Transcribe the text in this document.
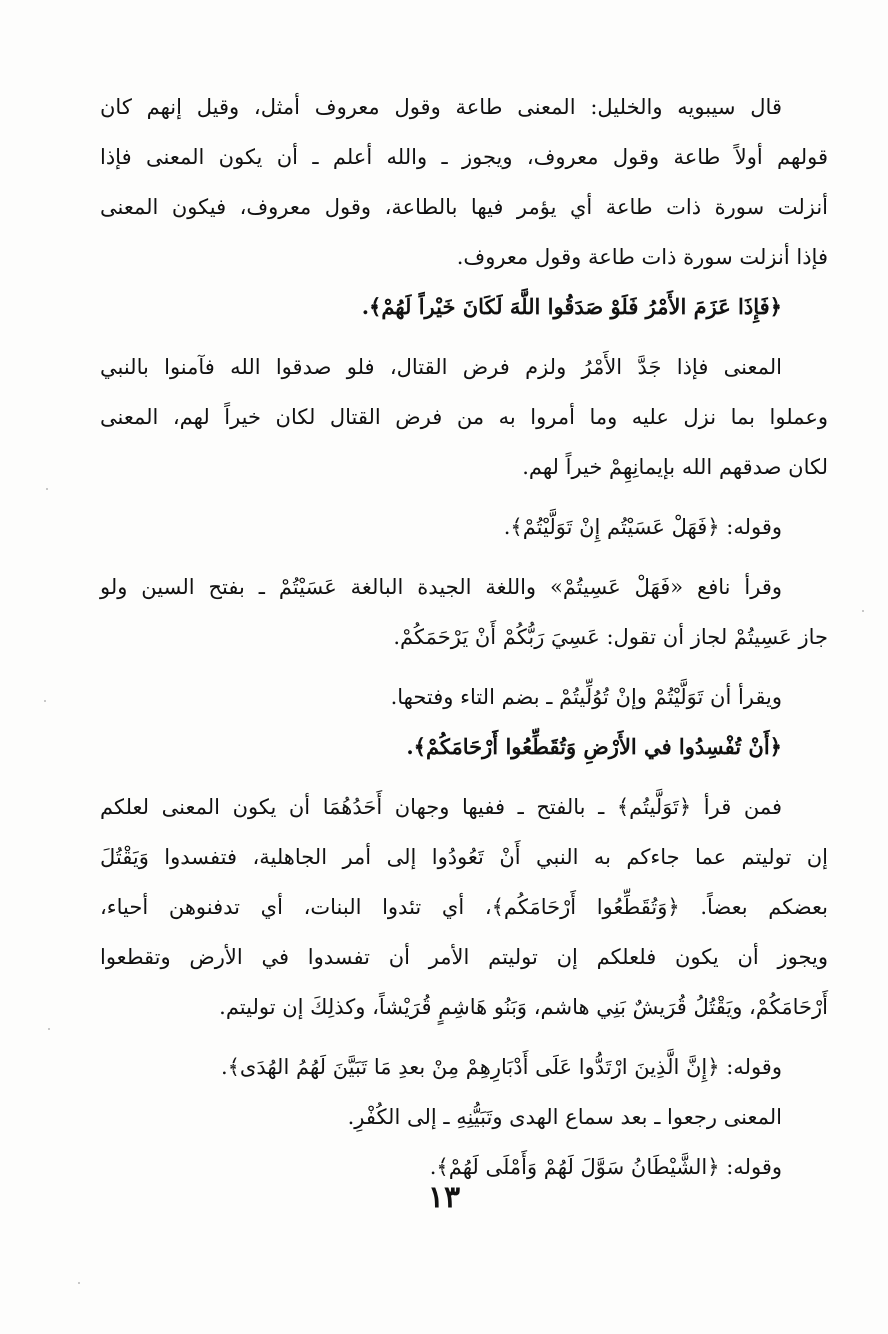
قال سيبويه والخليل: المعنى طاعة وقول معروف أمثل، وقيل إنهم كان
قولهم أولاً طاعة وقول معروف، ويجوز ـ والله أعلم ـ أن يكون المعنى فإذا
أنزلت سورة ذات طاعة أي يؤمر فيها بالطاعة، وقول معروف، فيكون المعنى
فإذا أنزلت سورة ذات طاعة وقول معروف.

﴿فَإِذَا عَزَمَ الأَمْرُ فَلَوْ صَدَقُوا اللَّهَ لَكَانَ خَيْراً لَهُمْ﴾.

المعنى فإذا جَدَّ الأَمْرُ ولزم فرض القتال، فلو صدقوا الله فآمنوا بالنبي
وعملوا بما نزل عليه وما أمروا به من فرض القتال لكان خيراً لهم، المعنى
لكان صدقهم الله بإيمانِهِمْ خيراً لهم.

وقوله: ﴿فَهَلْ عَسَيْتُم إِنْ تَوَلَّيْتُمْ﴾.

وقرأ نافع «فَهَلْ عَسِيتُمْ» واللغة الجيدة البالغة عَسَيْتُمْ ـ بفتح السين ولو
جاز عَسِيتُمْ لجاز أن تقول: عَسِيَ رَبُّكُمْ أَنْ يَرْحَمَكُمْ.

ويقرأ أن تَوَلَّيْتُمْ وإنْ تُوُلِّيتُمْ ـ بضم التاء وفتحها.
﴿أَنْ تُفْسِدُوا في الأَرْضِ وَتُقَطِّعُوا أَرْحَامَكُمْ﴾.

فمن قرأ ﴿تَوَلَّيتُم﴾ ـ بالفتح ـ ففيها وجهان أَحَدُهُمَا أن يكون المعنى لعلكم
إن توليتم عما جاءكم به النبي أَنْ تَعُودُوا إلى أمر الجاهلية، فتفسدوا وَيَقْتُلَ
بعضكم بعضاً. ﴿وَتُقَطِّعُوا أَرْحَامَكُم﴾، أي تئدوا البنات، أي تدفنوهن أحياء،
ويجوز أن يكون فلعلكم إن توليتم الأمر أن تفسدوا في الأرض وتقطعوا
أَرْحَامَكُمْ، ويَقْتُلُ قُرَيشٌ بَنِي هاشم، وَبَنُو هَاشِمٍ قُرَيْشاً، وكذلِكَ إن توليتم.

وقوله: ﴿إِنَّ الَّذِينَ ارْتَدُّوا عَلَى أَدْبَارِهِمْ مِنْ بعدِ مَا تَبَيَّنَ لَهُمُ الهُدَى﴾.
المعنى رجعوا ـ بعد سماع الهدى وتَبَيُّنِهِ ـ إلى الكُفْرِ.
وقوله: ﴿الشَّيْطَانُ سَوَّلَ لَهُمْ وَأَمْلَى لَهُمْ﴾.

١٣
